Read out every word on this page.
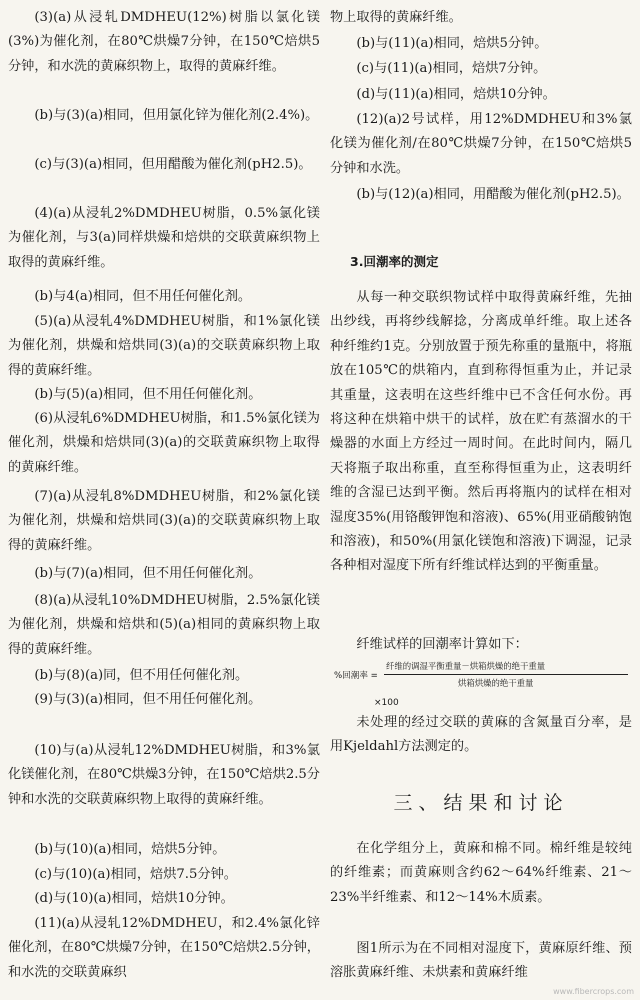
(3)(a)从浸轧DMDHEU(12%)树脂以氯化镁(3%)为催化剂，在80℃烘燥7分钟，在150℃焙烘5分钟，和水洗的黄麻织物上，取得的黄麻纤维。
(b)与(3)(a)相同，但用氯化锌为催化剂(2.4%)。
(c)与(3)(a)相同，但用醋酸为催化剂(pH2.5)。
(4)(a)从浸轧2%DMDHEU树脂，0.5%氯化镁为催化剂，与3(a)同样烘燥和焙烘的交联黄麻织物上取得的黄麻纤维。
(b)与4(a)相同，但不用任何催化剂。
(5)(a)从浸轧4%DMDHEU树脂，和1%氯化镁为催化剂，烘燥和焙烘同(3)(a)的交联黄麻织物上取得的黄麻纤维。
(b)与(5)(a)相同，但不用任何催化剂。
(6)从浸轧6%DMDHEU树脂，和1.5%氯化镁为催化剂，烘燥和焙烘同(3)(a)的交联黄麻织物上取得的黄麻纤维。
(7)(a)从浸轧8%DMDHEU树脂，和2%氯化镁为催化剂，烘燥和焙烘同(3)(a)的交联黄麻织物上取得的黄麻纤维。
(b)与(7)(a)相同，但不用任何催化剂。
(8)(a)从浸轧10%DMDHEU树脂，2.5%氯化镁为催化剂，烘燥和焙烘和(5)(a)相同的黄麻织物上取得的黄麻纤维。
(b)与(8)(a)同，但不用任何催化剂。
(9)与(3)(a)相同，但不用任何催化剂。
(10)与(a)从浸轧12%DMDHEU树脂，和3%氯化镁催化剂，在80℃烘燥3分钟，在150℃焙烘2.5分钟和水洗的交联黄麻织物上取得的黄麻纤维。
(b)与(10)(a)相同，焙烘5分钟。
(c)与(10)(a)相同，焙烘7.5分钟。
(d)与(10)(a)相同，焙烘10分钟。
(11)(a)从浸轧12%DMDHEU，和2.4%氯化锌催化剂，在80℃烘燥7分钟，在150℃焙烘2.5分钟，和水洗的交联黄麻织
物上取得的黄麻纤维。
(b)与(11)(a)相同，焙烘5分钟。
(c)与(11)(a)相同，焙烘7分钟。
(d)与(11)(a)相同，焙烘10分钟。
(12)(a)2号试样，用12%DMDHEU和3%氯化镁为催化剂/在80℃烘燥7分钟，在150℃焙烘5分钟和水洗。
(b)与(12)(a)相同，用醋酸为催化剂(pH2.5)。
3.回潮率的测定
从每一种交联织物试样中取得黄麻纤维，先抽出纱线，再将纱线解捻，分离成单纤维。取上述各种纤维约1克。分别放置于预先称重的量瓶中，将瓶放在105℃的烘箱内，直到称得恒重为止，并记录其重量，这表明在这些纤维中已不含任何水份。再将这种在烘箱中烘干的试样，放在贮有蒸溜水的干燥器的水面上方经过一周时间。在此时间内，隔几天将瓶子取出称重，直至称得恒重为止，这表明纤维的含湿已达到平衡。然后再将瓶内的试样在相对湿度35%(用铬酸钾饱和溶液)、65%(用亚硝酸钠饱和溶液)，和50%(用氯化镁饱和溶液)下调湿，记录各种相对湿度下所有纤维试样达到的平衡重量。
纤维试样的回潮率计算如下：
%回潮率 =
纤维的调湿平衡重量－烘箱烘燥的绝干重量
烘箱烘燥的绝干重量
×100
未处理的经过交联的黄麻的含氮量百分率，是用Kjeldahl方法测定的。
三、结果和讨论
在化学组分上，黄麻和棉不同。棉纤维是较纯的纤维素；而黄麻则含约62～64%纤维素、21～23%半纤维素、和12～14%木质素。
图1所示为在不同相对湿度下，黄麻原纤维、预溶胀黄麻纤维、未烘素和黄麻纤维
www.fibercrops.com
